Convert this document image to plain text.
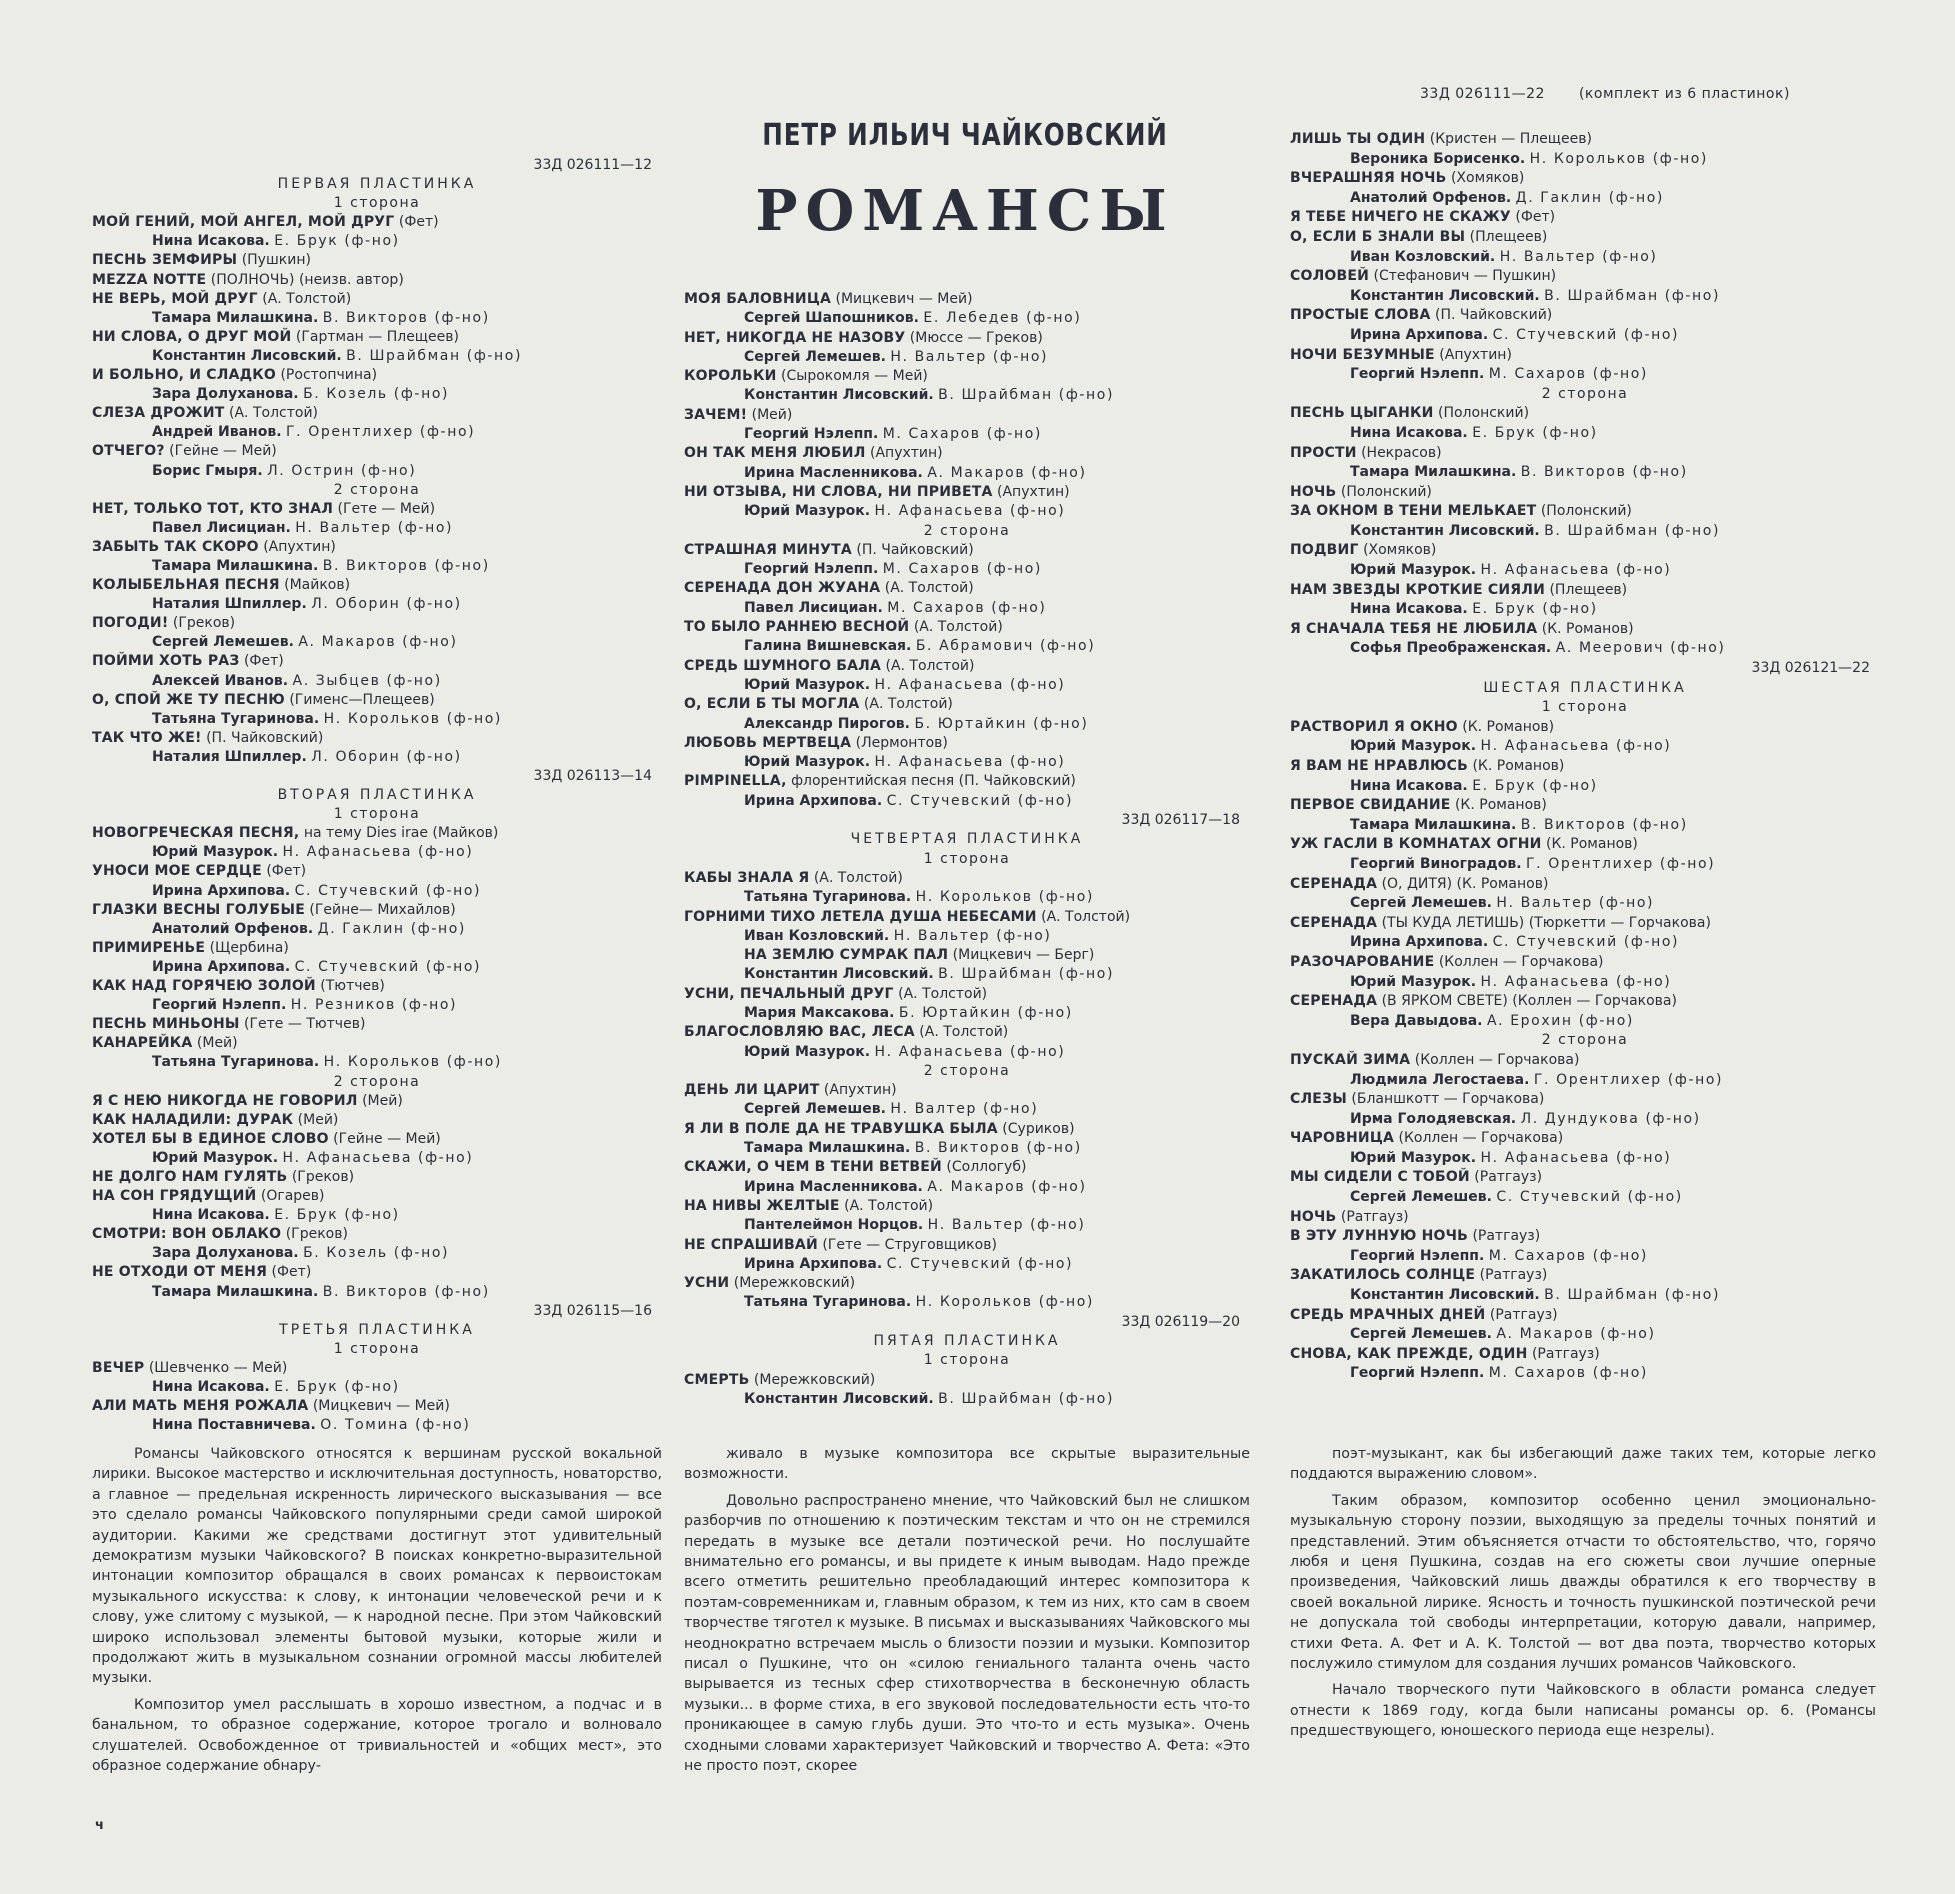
33Д 026111—22 (комплект из 6 пластинок)
ПЕТР ИЛЬИЧ ЧАЙКОВСКИЙ
РОМАНСЫ
33Д 026111—12
ПЕРВАЯ ПЛАСТИНКА
1 сторона
МОЙ ГЕНИЙ, МОЙ АНГЕЛ, МОЙ ДРУГ (Фет)
Нина Исакова. Е. Брук (ф-но)
ПЕСНЬ ЗЕМФИРЫ (Пушкин)
MEZZA NOTTE (ПОЛНОЧЬ) (неизв. автор)
НЕ ВЕРЬ, МОЙ ДРУГ (А. Толстой)
Тамара Милашкина. В. Викторов (ф-но)
НИ СЛОВА, О ДРУГ МОЙ (Гартман — Плещеев)
Константин Лисовский. В. Шрайбман (ф-но)
И БОЛЬНО, И СЛАДКО (Ростопчина)
Зара Долуханова. Б. Козель (ф-но)
СЛЕЗА ДРОЖИТ (А. Толстой)
Андрей Иванов. Г. Орентлихер (ф-но)
ОТЧЕГО? (Гейне — Мей)
Борис Гмыря. Л. Острин (ф-но)
2 сторона
НЕТ, ТОЛЬКО ТОТ, КТО ЗНАЛ (Гете — Мей)
Павел Лисициан. Н. Вальтер (ф-но)
ЗАБЫТЬ ТАК СКОРО (Апухтин)
Тамара Милашкина. В. Викторов (ф-но)
КОЛЫБЕЛЬНАЯ ПЕСНЯ (Майков)
Наталия Шпиллер. Л. Оборин (ф-но)
ПОГОДИ! (Греков)
Сергей Лемешев. А. Макаров (ф-но)
ПОЙМИ ХОТЬ РАЗ (Фет)
Алексей Иванов. А. Зыбцев (ф-но)
О, СПОЙ ЖЕ ТУ ПЕСНЮ (Гименс—Плещеев)
Татьяна Тугаринова. Н. Корольков (ф-но)
ТАК ЧТО ЖЕ! (П. Чайковский)
Наталия Шпиллер. Л. Оборин (ф-но)
33Д 026113—14
ВТОРАЯ ПЛАСТИНКА
1 сторона
НОВОГРЕЧЕСКАЯ ПЕСНЯ, на тему Dies irae (Майков)
Юрий Мазурок. Н. Афанасьева (ф-но)
УНОСИ МОЕ СЕРДЦЕ (Фет)
Ирина Архипова. С. Стучевский (ф-но)
ГЛАЗКИ ВЕСНЫ ГОЛУБЫЕ (Гейне— Михайлов)
Анатолий Орфенов. Д. Гаклин (ф-но)
ПРИМИРЕНЬЕ (Щербина)
Ирина Архипова. С. Стучевский (ф-но)
КАК НАД ГОРЯЧЕЮ ЗОЛОЙ (Тютчев)
Георгий Нэлепп. Н. Резников (ф-но)
ПЕСНЬ МИНЬОНЫ (Гете — Тютчев)
КАНАРЕЙКА (Мей)
Татьяна Тугаринова. Н. Корольков (ф-но)
2 сторона
Я С НЕЮ НИКОГДА НЕ ГОВОРИЛ (Мей)
КАК НАЛАДИЛИ: ДУРАК (Мей)
ХОТЕЛ БЫ В ЕДИНОЕ СЛОВО (Гейне — Мей)
Юрий Мазурок. Н. Афанасьева (ф-но)
НЕ ДОЛГО НАМ ГУЛЯТЬ (Греков)
НА СОН ГРЯДУЩИЙ (Огарев)
Нина Исакова. Е. Брук (ф-но)
СМОТРИ: ВОН ОБЛАКО (Греков)
Зара Долуханова. Б. Козель (ф-но)
НЕ ОТХОДИ ОТ МЕНЯ (Фет)
Тамара Милашкина. В. Викторов (ф-но)
33Д 026115—16
ТРЕТЬЯ ПЛАСТИНКА
1 сторона
ВЕЧЕР (Шевченко — Мей)
Нина Исакова. Е. Брук (ф-но)
АЛИ МАТЬ МЕНЯ РОЖАЛА (Мицкевич — Мей)
Нина Поставничева. О. Томина (ф-но)
МОЯ БАЛОВНИЦА (Мицкевич — Мей)
Сергей Шапошников. Е. Лебедев (ф-но)
НЕТ, НИКОГДА НЕ НАЗОВУ (Мюссе — Греков)
Сергей Лемешев. Н. Вальтер (ф-но)
КОРОЛЬКИ (Сырокомля — Мей)
Константин Лисовский. В. Шрайбман (ф-но)
ЗАЧЕМ! (Мей)
Георгий Нэлепп. М. Сахаров (ф-но)
ОН ТАК МЕНЯ ЛЮБИЛ (Апухтин)
Ирина Масленникова. А. Макаров (ф-но)
НИ ОТЗЫВА, НИ СЛОВА, НИ ПРИВЕТА (Апухтин)
Юрий Мазурок. Н. Афанасьева (ф-но)
2 сторона
СТРАШНАЯ МИНУТА (П. Чайковский)
Георгий Нэлепп. М. Сахаров (ф-но)
СЕРЕНАДА ДОН ЖУАНА (А. Толстой)
Павел Лисициан. М. Сахаров (ф-но)
ТО БЫЛО РАННЕЮ ВЕСНОЙ (А. Толстой)
Галина Вишневская. Б. Абрамович (ф-но)
СРЕДЬ ШУМНОГО БАЛА (А. Толстой)
Юрий Мазурок. Н. Афанасьева (ф-но)
О, ЕСЛИ Б ТЫ МОГЛА (А. Толстой)
Александр Пирогов. Б. Юртайкин (ф-но)
ЛЮБОВЬ МЕРТВЕЦА (Лермонтов)
Юрий Мазурок. Н. Афанасьева (ф-но)
PIMPINELLA, флорентийская песня (П. Чайковский)
Ирина Архипова. С. Стучевский (ф-но)
33Д 026117—18
ЧЕТВЕРТАЯ ПЛАСТИНКА
1 сторона
КАБЫ ЗНАЛА Я (А. Толстой)
Татьяна Тугаринова. Н. Корольков (ф-но)
ГОРНИМИ ТИХО ЛЕТЕЛА ДУША НЕБЕСАМИ (А. Толстой)
Иван Козловский. Н. Вальтер (ф-но)
НА ЗЕМЛЮ СУМРАК ПАЛ (Мицкевич — Берг)
Константин Лисовский. В. Шрайбман (ф-но)
УСНИ, ПЕЧАЛЬНЫЙ ДРУГ (А. Толстой)
Мария Максакова. Б. Юртайкин (ф-но)
БЛАГОСЛОВЛЯЮ ВАС, ЛЕСА (А. Толстой)
Юрий Мазурок. Н. Афанасьева (ф-но)
2 сторона
ДЕНЬ ЛИ ЦАРИТ (Апухтин)
Сергей Лемешев. Н. Валтер (ф-но)
Я ЛИ В ПОЛЕ ДА НЕ ТРАВУШКА БЫЛА (Суриков)
Тамара Милашкина. В. Викторов (ф-но)
СКАЖИ, О ЧЕМ В ТЕНИ ВЕТВЕЙ (Соллогуб)
Ирина Масленникова. А. Макаров (ф-но)
НА НИВЫ ЖЕЛТЫЕ (А. Толстой)
Пантелеймон Норцов. Н. Вальтер (ф-но)
НЕ СПРАШИВАЙ (Гете — Струговщиков)
Ирина Архипова. С. Стучевский (ф-но)
УСНИ (Мережковский)
Татьяна Тугаринова. Н. Корольков (ф-но)
33Д 026119—20
ПЯТАЯ ПЛАСТИНКА
1 сторона
СМЕРТЬ (Мережковский)
Константин Лисовский. В. Шрайбман (ф-но)
ЛИШЬ ТЫ ОДИН (Кристен — Плещеев)
Вероника Борисенко. Н. Корольков (ф-но)
ВЧЕРАШНЯЯ НОЧЬ (Хомяков)
Анатолий Орфенов. Д. Гаклин (ф-но)
Я ТЕБЕ НИЧЕГО НЕ СКАЖУ (Фет)
О, ЕСЛИ Б ЗНАЛИ ВЫ (Плещеев)
Иван Козловский. Н. Вальтер (ф-но)
СОЛОВЕЙ (Стефанович — Пушкин)
Константин Лисовский. В. Шрайбман (ф-но)
ПРОСТЫЕ СЛОВА (П. Чайковский)
Ирина Архипова. С. Стучевский (ф-но)
НОЧИ БЕЗУМНЫЕ (Апухтин)
Георгий Нэлепп. М. Сахаров (ф-но)
2 сторона
ПЕСНЬ ЦЫГАНКИ (Полонский)
Нина Исакова. Е. Брук (ф-но)
ПРОСТИ (Некрасов)
Тамара Милашкина. В. Викторов (ф-но)
НОЧЬ (Полонский)
ЗА ОКНОМ В ТЕНИ МЕЛЬКАЕТ (Полонский)
Константин Лисовский. В. Шрайбман (ф-но)
ПОДВИГ (Хомяков)
Юрий Мазурок. Н. Афанасьева (ф-но)
НАМ ЗВЕЗДЫ КРОТКИЕ СИЯЛИ (Плещеев)
Нина Исакова. Е. Брук (ф-но)
Я СНАЧАЛА ТЕБЯ НЕ ЛЮБИЛА (К. Романов)
Софья Преображенская. А. Меерович (ф-но)
33Д 026121—22
ШЕСТАЯ ПЛАСТИНКА
1 сторона
РАСТВОРИЛ Я ОКНО (К. Романов)
Юрий Мазурок. Н. Афанасьева (ф-но)
Я ВАМ НЕ НРАВЛЮСЬ (К. Романов)
Нина Исакова. Е. Брук (ф-но)
ПЕРВОЕ СВИДАНИЕ (К. Романов)
Тамара Милашкина. В. Викторов (ф-но)
УЖ ГАСЛИ В КОМНАТАХ ОГНИ (К. Романов)
Георгий Виноградов. Г. Орентлихер (ф-но)
СЕРЕНАДА (О, ДИТЯ) (К. Романов)
Сергей Лемешев. Н. Вальтер (ф-но)
СЕРЕНАДА (ТЫ КУДА ЛЕТИШЬ) (Тюркетти — Горчакова)
Ирина Архипова. С. Стучевский (ф-но)
РАЗОЧАРОВАНИЕ (Коллен — Горчакова)
Юрий Мазурок. Н. Афанасьева (ф-но)
СЕРЕНАДА (В ЯРКОМ СВЕТЕ) (Коллен — Горчакова)
Вера Давыдова. А. Ерохин (ф-но)
2 сторона
ПУСКАЙ ЗИМА (Коллен — Горчакова)
Людмила Легостаева. Г. Орентлихер (ф-но)
СЛЕЗЫ (Бланшкотт — Горчакова)
Ирма Голодяевская. Л. Дундукова (ф-но)
ЧАРОВНИЦА (Коллен — Горчакова)
Юрий Мазурок. Н. Афанасьева (ф-но)
МЫ СИДЕЛИ С ТОБОЙ (Ратгауз)
Сергей Лемешев. С. Стучевский (ф-но)
НОЧЬ (Ратгауз)
В ЭТУ ЛУННУЮ НОЧЬ (Ратгауз)
Георгий Нэлепп. М. Сахаров (ф-но)
ЗАКАТИЛОСЬ СОЛНЦЕ (Ратгауз)
Константин Лисовский. В. Шрайбман (ф-но)
СРЕДЬ МРАЧНЫХ ДНЕЙ (Ратгауз)
Сергей Лемешев. А. Макаров (ф-но)
СНОВА, КАК ПРЕЖДЕ, ОДИН (Ратгауз)
Георгий Нэлепп. М. Сахаров (ф-но)

Романсы Чайковского относятся к вершинам русской вокальной лирики. Высокое мастерство и исключительная доступность, новаторство, а главное — предельная искренность лирического высказывания — все это сделало романсы Чайковского популярными среди самой широкой аудитории. Какими же средствами достигнут этот удивительный демократизм музыки Чайковского? В поисках конкретно-выразительной интонации композитор обращался в своих романсах к первоистокам музыкального искусства: к слову, к интонации человеческой речи и к слову, уже слитому с музыкой, — к народной песне. При этом Чайковский широко использовал элементы бытовой музыки, которые жили и продолжают жить в музыкальном сознании огромной массы любителей музыки.

Композитор умел расслышать в хорошо известном, а подчас и в банальном, то образное содержание, которое трогало и волновало слушателей. Освобожденное от тривиальностей и «общих мест», это образное содержание обнару-

живало в музыке композитора все скрытые выразительные возможности.

Довольно распространено мнение, что Чайковский был не слишком разборчив по отношению к поэтическим текстам и что он не стремился передать в музыке все детали поэтической речи. Но послушайте внимательно его романсы, и вы придете к иным выводам. Надо прежде всего отметить решительно преобладающий интерес композитора к поэтам-современникам и, главным образом, к тем из них, кто сам в своем творчестве тяготел к музыке. В письмах и высказываниях Чайковского мы неоднократно встречаем мысль о близости поэзии и музыки. Композитор писал о Пушкине, что он «силою гениального таланта очень часто вырывается из тесных сфер стихотворчества в бесконечную область музыки... в форме стиха, в его звуковой последовательности есть что-то проникающее в самую глубь души. Это что-то и есть музыка». Очень сходными словами характеризует Чайковский и творчество А. Фета: «Это не просто поэт, скорее

поэт-музыкант, как бы избегающий даже таких тем, которые легко поддаются выражению словом».

Таким образом, композитор особенно ценил эмоционально-музыкальную сторону поэзии, выходящую за пределы точных понятий и представлений. Этим объясняется отчасти то обстоятельство, что, горячо любя и ценя Пушкина, создав на его сюжеты свои лучшие оперные произведения, Чайковский лишь дважды обратился к его творчеству в своей вокальной лирике. Ясность и точность пушкинской поэтической речи не допускала той свободы интерпретации, которую давали, например, стихи Фета. А. Фет и А. К. Толстой — вот два поэта, творчество которых послужило стимулом для создания лучших романсов Чайковского.

Начало творческого пути Чайковского в области романса следует отнести к 1869 году, когда были написаны романсы ор. 6. (Романсы предшествующего, юношеского периода еще незрелы).

ч
